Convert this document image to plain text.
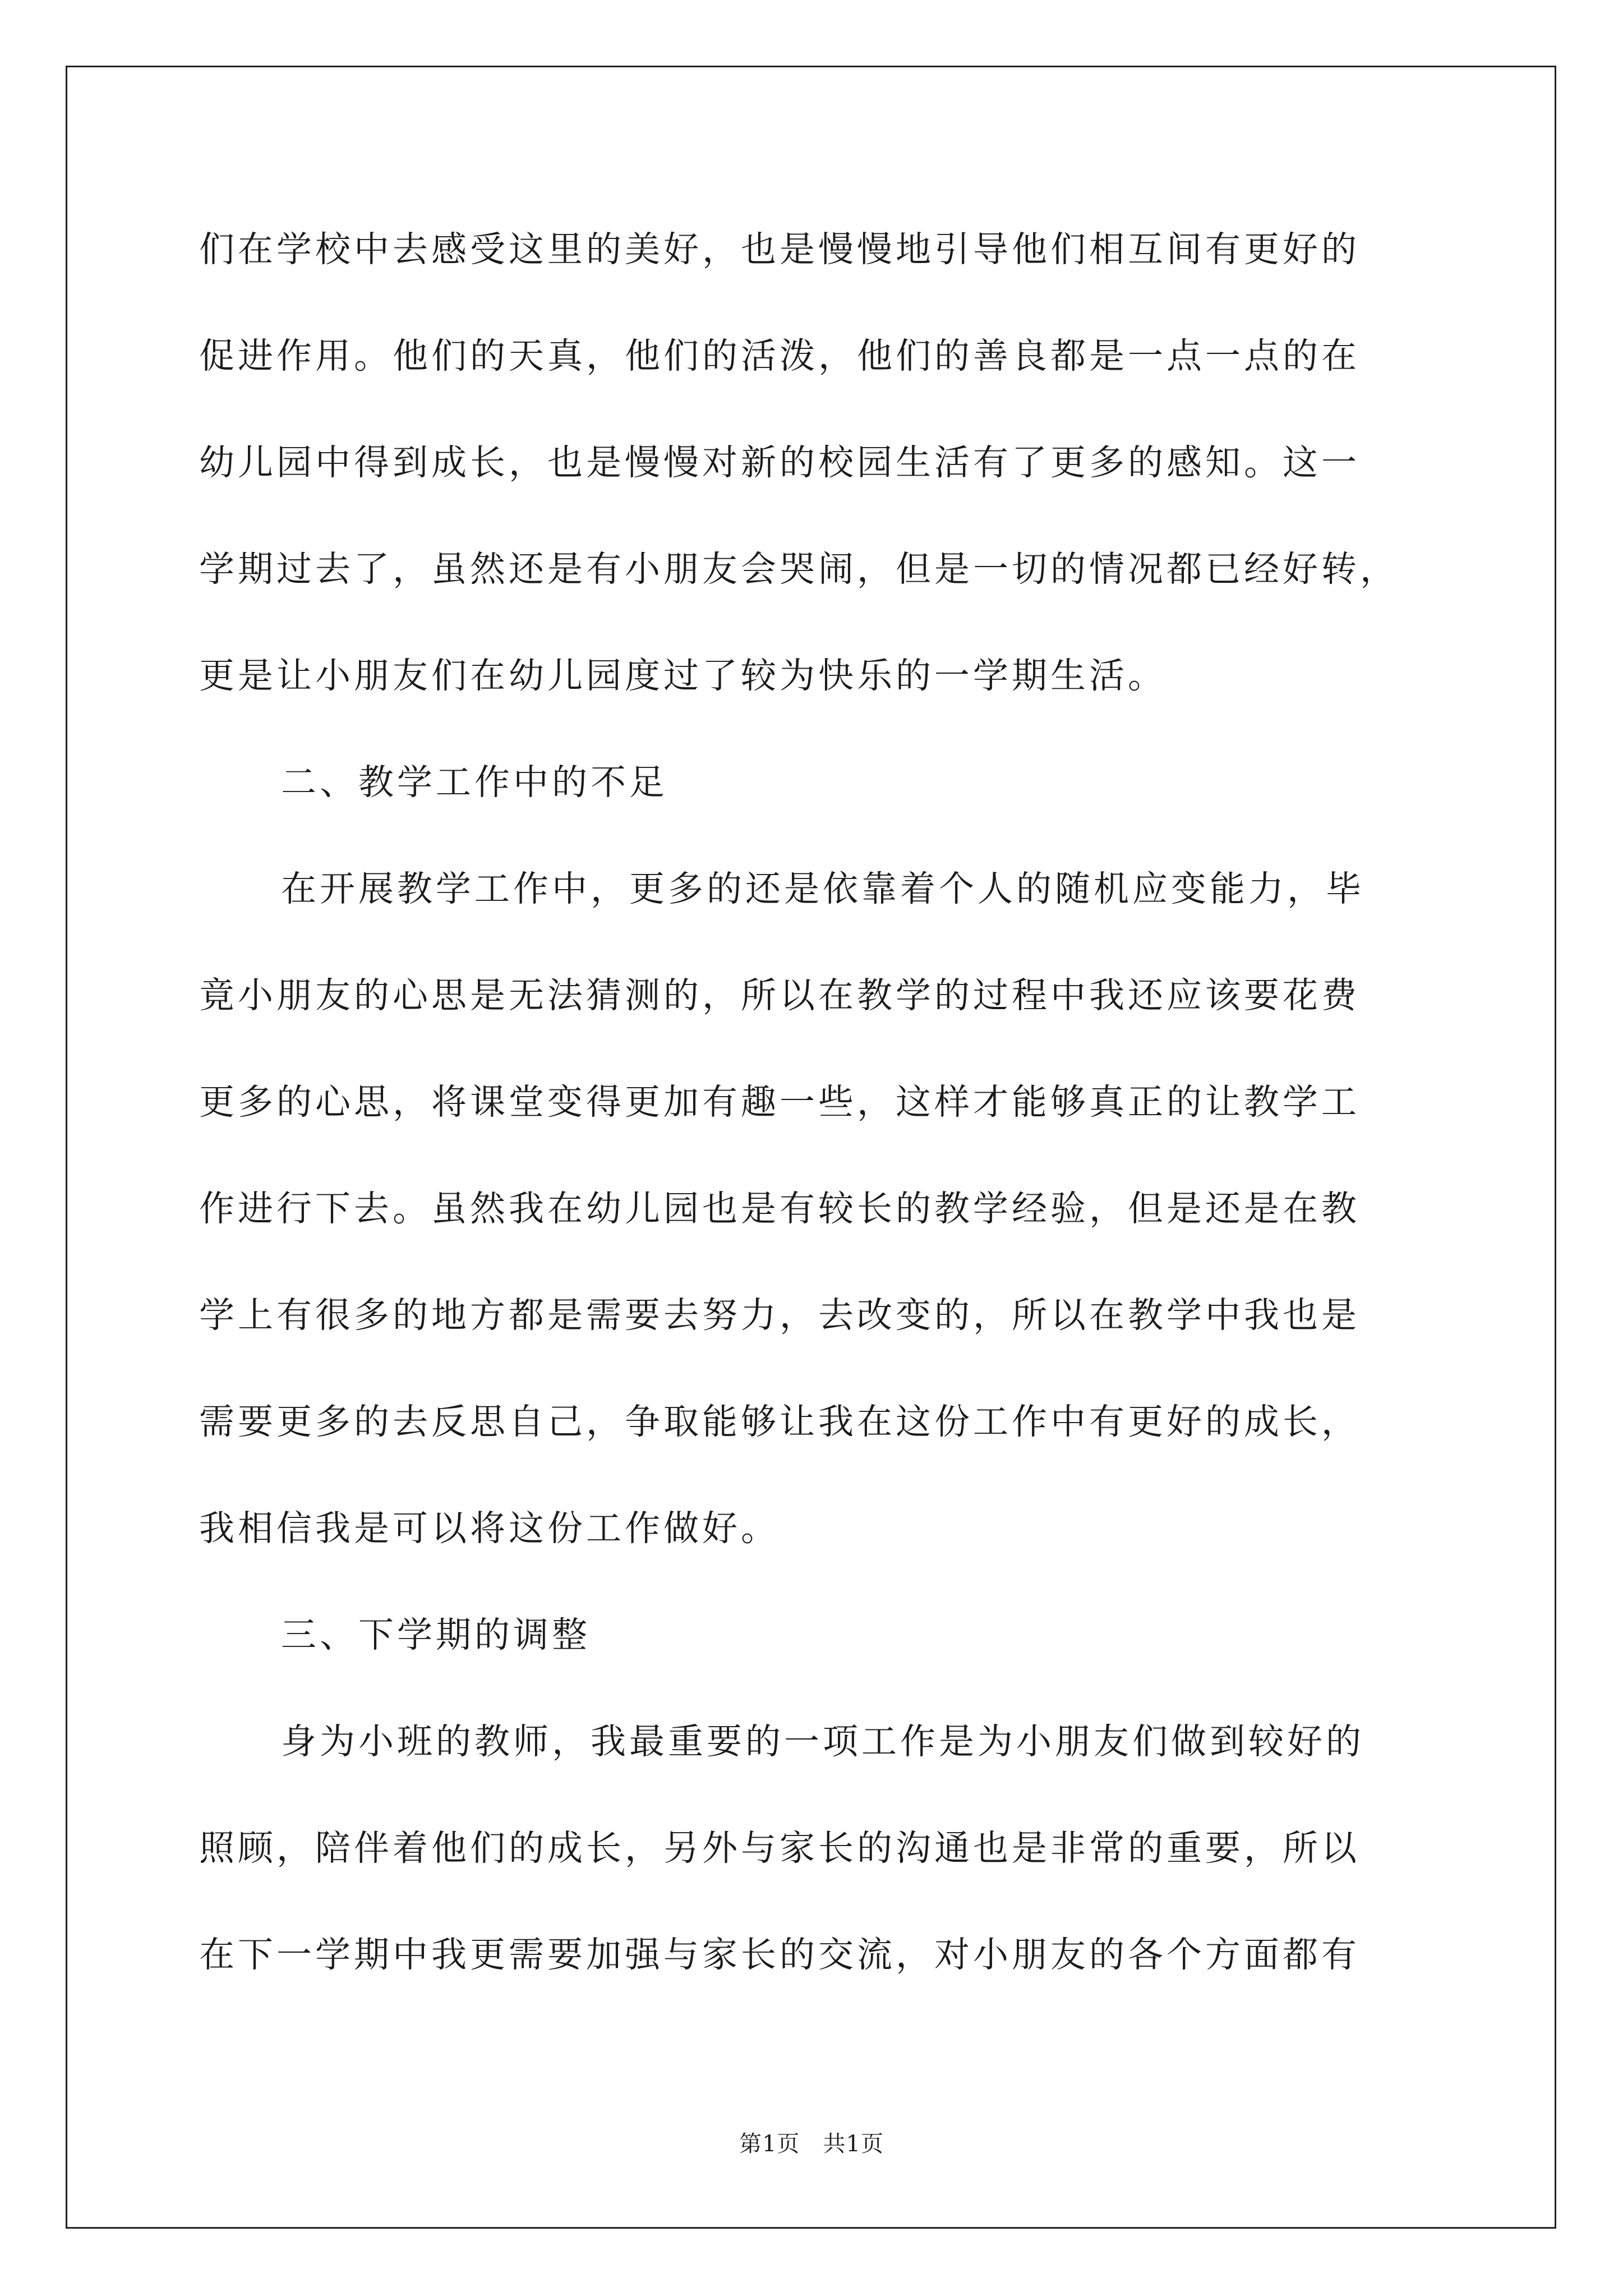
们在学校中去感受这里的美好，也是慢慢地引导他们相互间有更好的
促进作用。他们的天真，他们的活泼，他们的善良都是一点一点的在
幼儿园中得到成长，也是慢慢对新的校园生活有了更多的感知。这一
学期过去了，虽然还是有小朋友会哭闹，但是一切的情况都已经好转，
更是让小朋友们在幼儿园度过了较为快乐的一学期生活。
二、教学工作中的不足
在开展教学工作中，更多的还是依靠着个人的随机应变能力，毕
竟小朋友的心思是无法猜测的，所以在教学的过程中我还应该要花费
更多的心思，将课堂变得更加有趣一些，这样才能够真正的让教学工
作进行下去。虽然我在幼儿园也是有较长的教学经验，但是还是在教
学上有很多的地方都是需要去努力，去改变的，所以在教学中我也是
需要更多的去反思自己，争取能够让我在这份工作中有更好的成长，
我相信我是可以将这份工作做好。
三、下学期的调整
身为小班的教师，我最重要的一项工作是为小朋友们做到较好的
照顾，陪伴着他们的成长，另外与家长的沟通也是非常的重要，所以
在下一学期中我更需要加强与家长的交流，对小朋友的各个方面都有
第1页   共1页
